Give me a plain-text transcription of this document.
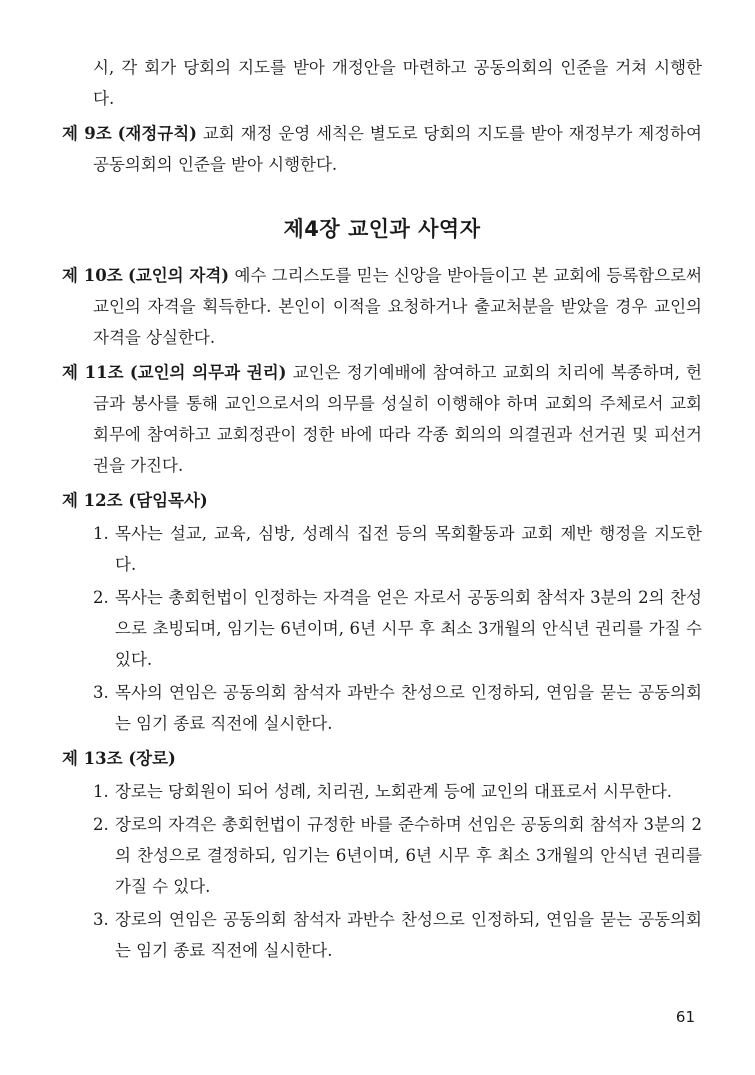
시, 각 회가 당회의 지도를 받아 개정안을 마련하고 공동의회의 인준을 거쳐 시행한다.

제 9조 (재정규칙) 교회 재정 운영 세칙은 별도로 당회의 지도를 받아 재정부가 제정하여 공동의회의 인준을 받아 시행한다.

제4장 교인과 사역자

제 10조 (교인의 자격) 예수 그리스도를 믿는 신앙을 받아들이고 본 교회에 등록함으로써 교인의 자격을 획득한다. 본인이 이적을 요청하거나 출교처분을 받았을 경우 교인의 자격을 상실한다.

제 11조 (교인의 의무과 권리) 교인은 정기예배에 참여하고 교회의 치리에 복종하며, 헌금과 봉사를 통해 교인으로서의 의무를 성실히 이행해야 하며 교회의 주체로서 교회 회무에 참여하고 교회정관이 정한 바에 따라 각종 회의의 의결권과 선거권 및 피선거권을 가진다.

제 12조 (담임목사)
1. 목사는 설교, 교육, 심방, 성례식 집전 등의 목회활동과 교회 제반 행정을 지도한다.
2. 목사는 총회헌법이 인정하는 자격을 얻은 자로서 공동의회 참석자 3분의 2의 찬성으로 초빙되며, 임기는 6년이며, 6년 시무 후 최소 3개월의 안식년 권리를 가질 수 있다.
3. 목사의 연임은 공동의회 참석자 과반수 찬성으로 인정하되, 연임을 묻는 공동의회는 임기 종료 직전에 실시한다.
제 13조 (장로)
1. 장로는 당회원이 되어 성례, 치리권, 노회관계 등에 교인의 대표로서 시무한다.
2. 장로의 자격은 총회헌법이 규정한 바를 준수하며 선임은 공동의회 참석자 3분의 2의 찬성으로 결정하되, 임기는 6년이며, 6년 시무 후 최소 3개월의 안식년 권리를 가질 수 있다.
3. 장로의 연임은 공동의회 참석자 과반수 찬성으로 인정하되, 연임을 묻는 공동의회는 임기 종료 직전에 실시한다.
61
